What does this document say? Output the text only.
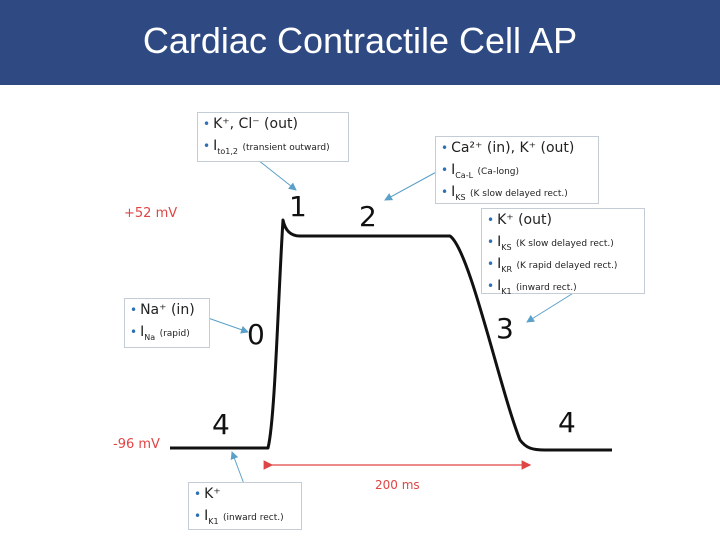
Cardiac Contractile Cell AP
+52 mV
-96 mV
200 ms
1 2
0	3
4	4
• K⁺, Cl⁻ (out)
• $I_{to1,2}$ (transient outward)	• Ca²⁺ (in), K⁺ (out)
• $I_{Ca-L}$ (Ca-long)
• $I_{KS}$ (K slow delayed rect.)
• K⁺ (out)
• $I_{KS}$ (K slow delayed rect.)
• $I_{KR}$ (K rapid delayed rect.)
• $I_{K1}$ (inward rect.)
• Na⁺ (in)
• $I_{Na}$ (rapid)
• K⁺
• $I_{K1}$ (inward rect.)
